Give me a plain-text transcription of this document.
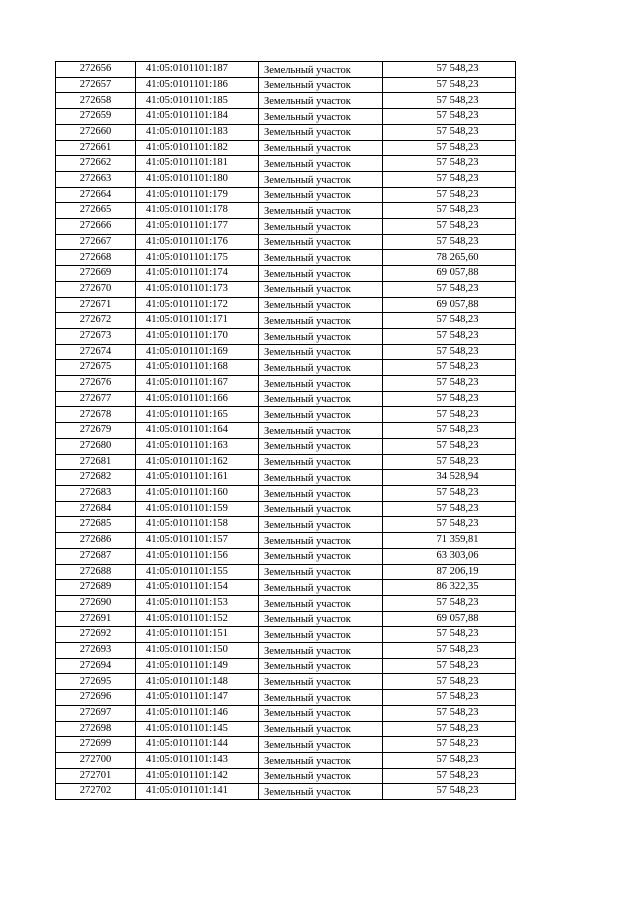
272656	41:05:0101101:187	Земельный участок	57 548,23
272657	41:05:0101101:186	Земельный участок	57 548,23
272658	41:05:0101101:185	Земельный участок	57 548,23
272659	41:05:0101101:184	Земельный участок	57 548,23
272660	41:05:0101101:183	Земельный участок	57 548,23
272661	41:05:0101101:182	Земельный участок	57 548,23
272662	41:05:0101101:181	Земельный участок	57 548,23
272663	41:05:0101101:180	Земельный участок	57 548,23
272664	41:05:0101101:179	Земельный участок	57 548,23
272665	41:05:0101101:178	Земельный участок	57 548,23
272666	41:05:0101101:177	Земельный участок	57 548,23
272667	41:05:0101101:176	Земельный участок	57 548,23
272668	41:05:0101101:175	Земельный участок	78 265,60
272669	41:05:0101101:174	Земельный участок	69 057,88
272670	41:05:0101101:173	Земельный участок	57 548,23
272671	41:05:0101101:172	Земельный участок	69 057,88
272672	41:05:0101101:171	Земельный участок	57 548,23
272673	41:05:0101101:170	Земельный участок	57 548,23
272674	41:05:0101101:169	Земельный участок	57 548,23
272675	41:05:0101101:168	Земельный участок	57 548,23
272676	41:05:0101101:167	Земельный участок	57 548,23
272677	41:05:0101101:166	Земельный участок	57 548,23
272678	41:05:0101101:165	Земельный участок	57 548,23
272679	41:05:0101101:164	Земельный участок	57 548,23
272680	41:05:0101101:163	Земельный участок	57 548,23
272681	41:05:0101101:162	Земельный участок	57 548,23
272682	41:05:0101101:161	Земельный участок	34 528,94
272683	41:05:0101101:160	Земельный участок	57 548,23
272684	41:05:0101101:159	Земельный участок	57 548,23
272685	41:05:0101101:158	Земельный участок	57 548,23
272686	41:05:0101101:157	Земельный участок	71 359,81
272687	41:05:0101101:156	Земельный участок	63 303,06
272688	41:05:0101101:155	Земельный участок	87 206,19
272689	41:05:0101101:154	Земельный участок	86 322,35
272690	41:05:0101101:153	Земельный участок	57 548,23
272691	41:05:0101101:152	Земельный участок	69 057,88
272692	41:05:0101101:151	Земельный участок	57 548,23
272693	41:05:0101101:150	Земельный участок	57 548,23
272694	41:05:0101101:149	Земельный участок	57 548,23
272695	41:05:0101101:148	Земельный участок	57 548,23
272696	41:05:0101101:147	Земельный участок	57 548,23
272697	41:05:0101101:146	Земельный участок	57 548,23
272698	41:05:0101101:145	Земельный участок	57 548,23
272699	41:05:0101101:144	Земельный участок	57 548,23
272700	41:05:0101101:143	Земельный участок	57 548,23
272701	41:05:0101101:142	Земельный участок	57 548,23
272702	41:05:0101101:141	Земельный участок	57 548,23
